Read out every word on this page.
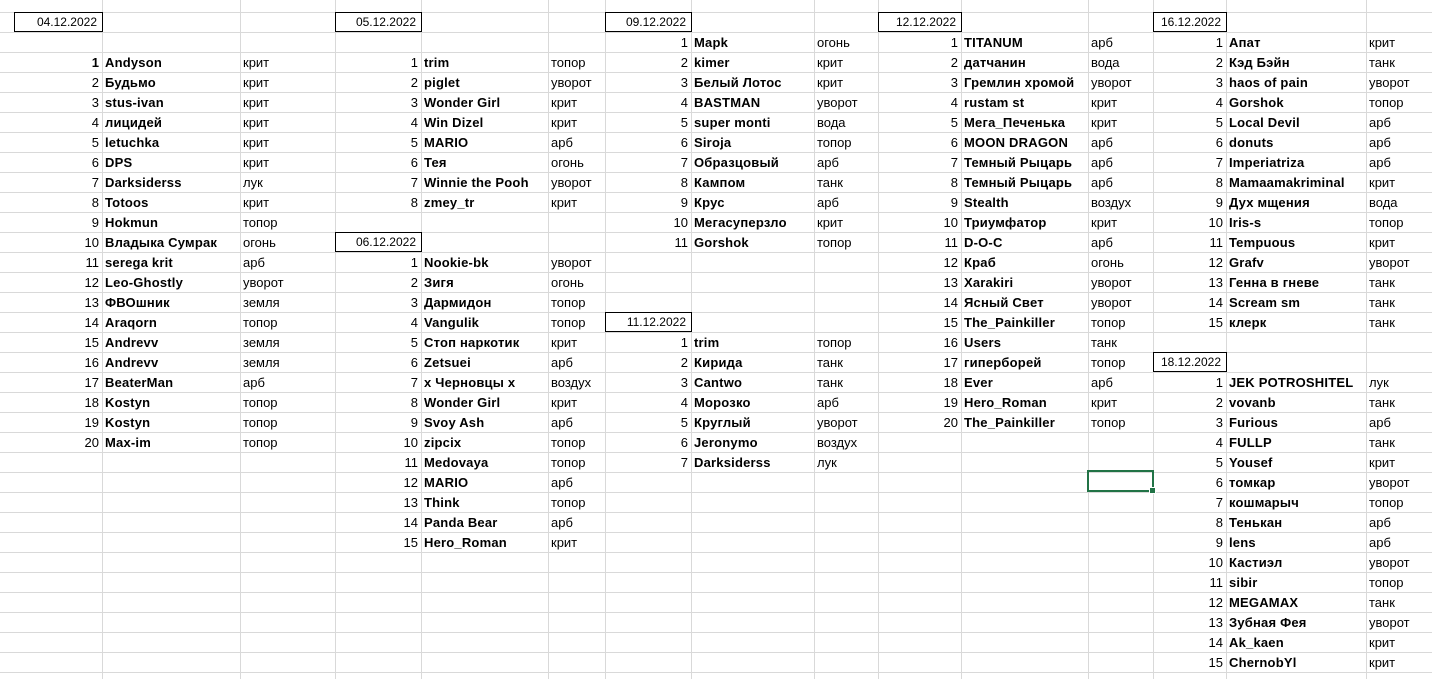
04.12.2022
1 Andyson	крит
2 Будьмо	крит
3 stus-ivan	крит
4 лицидей	крит
5 letuchka	крит
6 DPS	крит
7 Darksiderss	лук
8 Totoos	крит
9 Hokmun	топор
10 Владыка Сумрак огонь
11 serega krit	арб
12 Leo-Ghostly	уворот
13 ФВОшник	земля
14 Araqorn	топор
15 Andrevv	земля
16 Andrevv	земля
17 BeaterMan	арб
18 Kostyn	топор
19 Kostyn	топор
20 Max-im	топор
05.12.2022
1 trim	топор
2 piglet	уворот
3 Wonder Girl	крит
4 Win Dizel	крит
5 MARIO	арб
6 Тея	огонь
7 Winnie the Pooh уворот
8 zmey_tr	крит
06.12.2022
1 Nookie-bk	уворот
2 Зигя	огонь
3 Дармидон	топор
4 Vangulik	топор
5 Стоп наркотик крит
6 Zetsuei	арб
7 х Черновцы х	воздух
8 Wonder Girl	крит
9 Svoy Ash	арб
10 zipcix	топор
11 Medovaya	топор
12 MARIO	арб
13 Think	топор
14 Panda Bear	арб
15 Hero_Roman	крит
09.12.2022
1 Mapk	огонь
2 kimer	крит
3 Белый Лотос	крит
4 BASTMAN	уворот
5 super monti	вода
6 Siroja	топор
7 Образцовый	арб
8 Кампом	танк
9 Крус	арб
10 Мегасуперзло крит
11 Gorshok	топор
11.12.2022
1 trim	топор
2 Кирида	танк
3 Cantwo	танк
4 Морозко	арб
5 Круглый	уворот
6 Jeronymo	воздух
7 Darksiderss	лук
12.12.2022
1 TITANUM	арб
2 датчанин	вода
3 Гремлин хромой уворот
4 rustam st	крит
5 Мега_Печенька крит
6 MOON DRAGON арб
7 Темный Рыцарь арб
8 Темный Рыцарь арб
9 Stealth	воздух
10 Триумфатор	крит
11 D-O-C	арб
12 Краб	огонь
13 Xarakiri	уворот
14 Ясный Свет	уворот
15 The_Painkiller	топор
16 Users	танк
17 гиперборей	топор
18 Ever	арб
19 Hero_Roman	крит
20 The_Painkiller	топор
16.12.2022
1 Апат	крит
2 Кэд Бэйн	танк
3 haos of pain	уворот
4 Gorshok	топор
5 Local Devil	арб
6 donuts	арб
7 Imperiatriza	арб
8 Mamaamakriminal крит
9 Дух мщения	вода
10 Iris-s	топор
11 Tempuous	крит
12 Grafv	уворот
13 Генна в гневе	танк
14 Scream sm	танк
15 клерк	танк
18.12.2022
1 JEK POTROSHITEL лук
2 vovanb	танк
3 Furious	арб
4 FULLP	танк
5 Yousef	крит
6 томкар	уворот
7 кошмарыч	топор
8 Тенькан	арб
9 lens	арб
10 Кастиэл	уворот
11 sibir	топор
12 MEGAMAX	танк
13 Зубная Фея	уворот
14 Ak_kaen	крит
15 ChernobYl	крит
